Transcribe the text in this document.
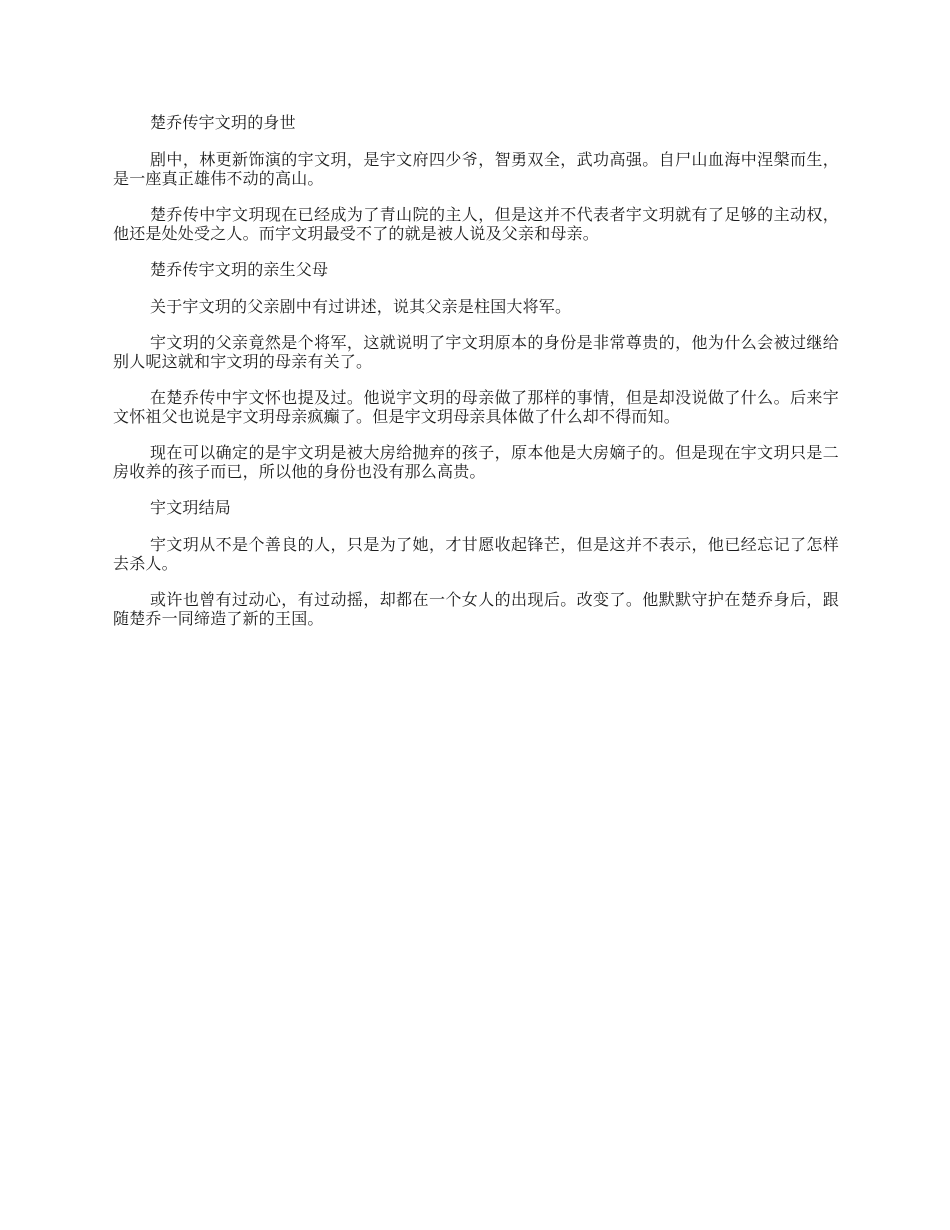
楚乔传宇文玥的身世

剧中，林更新饰演的宇文玥，是宇文府四少爷，智勇双全，武功高强。自尸山血海中涅槃而生，是一座真正雄伟不动的高山。

楚乔传中宇文玥现在已经成为了青山院的主人，但是这并不代表者宇文玥就有了足够的主动权，他还是处处受之人。而宇文玥最受不了的就是被人说及父亲和母亲。

楚乔传宇文玥的亲生父母

关于宇文玥的父亲剧中有过讲述，说其父亲是柱国大将军。

宇文玥的父亲竟然是个将军，这就说明了宇文玥原本的身份是非常尊贵的，他为什么会被过继给别人呢这就和宇文玥的母亲有关了。

在楚乔传中宇文怀也提及过。他说宇文玥的母亲做了那样的事情，但是却没说做了什么。后来宇文怀祖父也说是宇文玥母亲疯癫了。但是宇文玥母亲具体做了什么却不得而知。

现在可以确定的是宇文玥是被大房给抛弃的孩子，原本他是大房嫡子的。但是现在宇文玥只是二房收养的孩子而已，所以他的身份也没有那么高贵。

宇文玥结局

宇文玥从不是个善良的人，只是为了她，才甘愿收起锋芒，但是这并不表示，他已经忘记了怎样去杀人。

或许也曾有过动心，有过动摇，却都在一个女人的出现后。改变了。他默默守护在楚乔身后，跟随楚乔一同缔造了新的王国。
